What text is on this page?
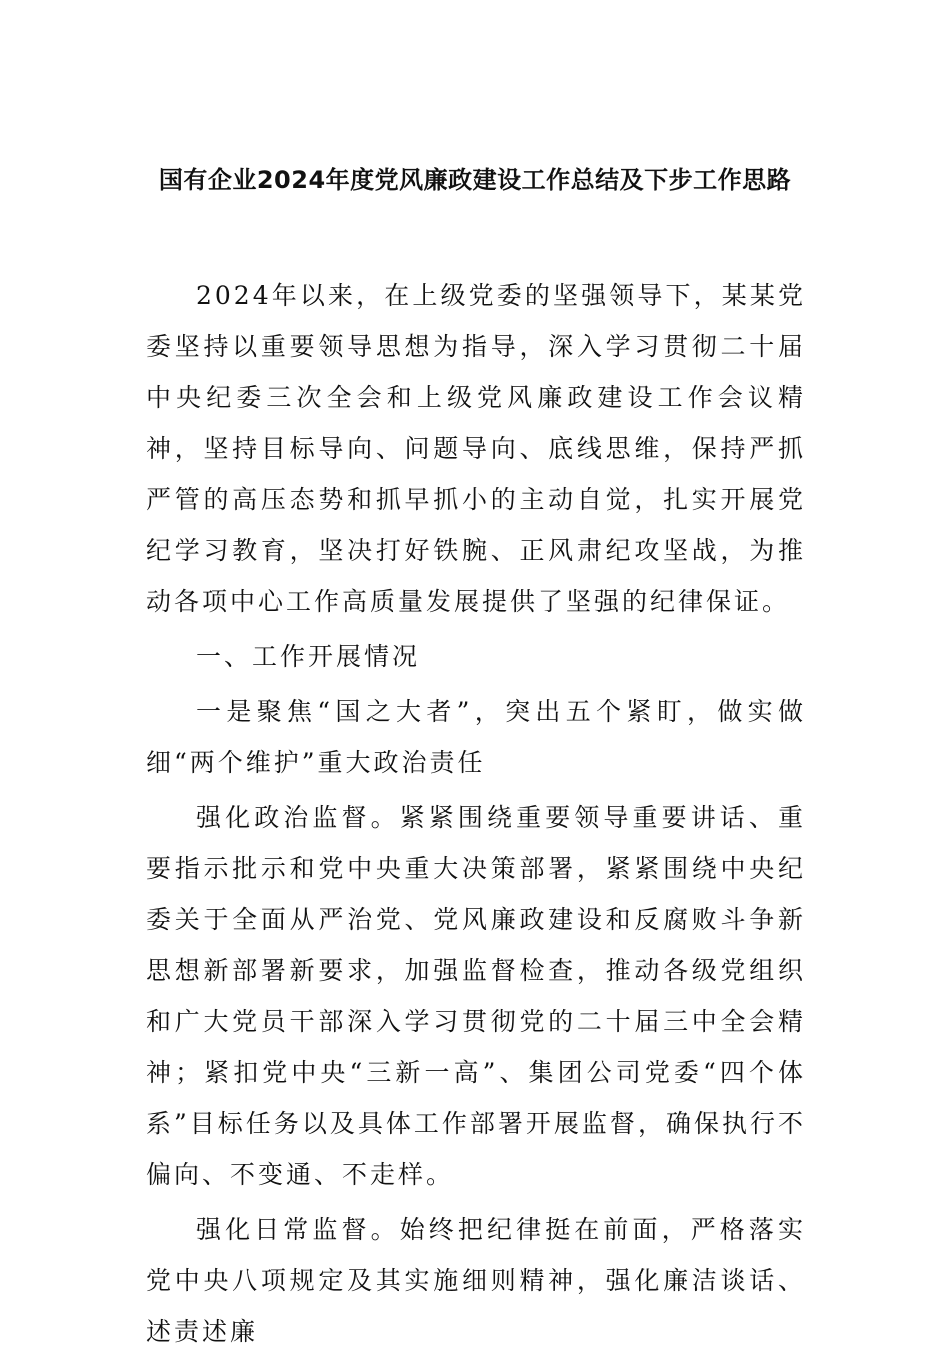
国有企业2024年度党风廉政建设工作总结及下步工作思路

2024年以来，在上级党委的坚强领导下，某某党委坚持以重要领导思想为指导，深入学习贯彻二十届中央纪委三次全会和上级党风廉政建设工作会议精神，坚持目标导向、问题导向、底线思维，保持严抓严管的高压态势和抓早抓小的主动自觉，扎实开展党纪学习教育，坚决打好铁腕、正风肃纪攻坚战，为推动各项中心工作高质量发展提供了坚强的纪律保证。

一、工作开展情况

一是聚焦“国之大者”，突出五个紧盯，做实做细“两个维护”重大政治责任

强化政治监督。紧紧围绕重要领导重要讲话、重要指示批示和党中央重大决策部署，紧紧围绕中央纪委关于全面从严治党、党风廉政建设和反腐败斗争新思想新部署新要求，加强监督检查，推动各级党组织和广大党员干部深入学习贯彻党的二十届三中全会精神；紧扣党中央“三新一高”、集团公司党委“四个体系”目标任务以及具体工作部署开展监督，确保执行不偏向、不变通、不走样。

强化日常监督。始终把纪律挺在前面，严格落实党中央八项规定及其实施细则精神，强化廉洁谈话、述责述廉
